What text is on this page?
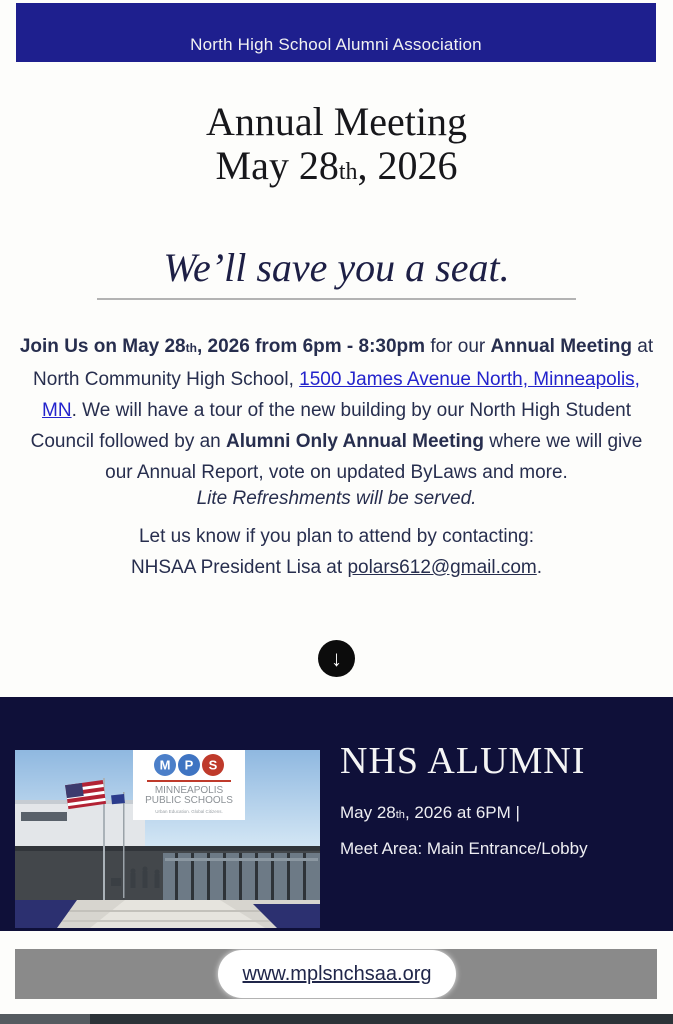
North High School Alumni Association
Annual Meeting
May 28th, 2026
We’ll save you a seat.
Join Us on May 28th, 2026 from 6pm - 8:30pm for our Annual Meeting at North Community High School, 1500 James Avenue North, Minneapolis, MN. We will have a tour of the new building by our North High Student Council followed by an Alumni Only Annual Meeting where we will give our Annual Report, vote on updated ByLaws and more.
Lite Refreshments will be served.
Let us know if you plan to attend by contacting:
NHSAA President Lisa at polars612@gmail.com.
↓
M P S
MINNEAPOLIS
PUBLIC SCHOOLS
Urban Education. Global Citizens.
NHS ALUMNI
May 28th, 2026 at 6PM |
Meet Area: Main Entrance/Lobby
www.mplsnchsaa.org
